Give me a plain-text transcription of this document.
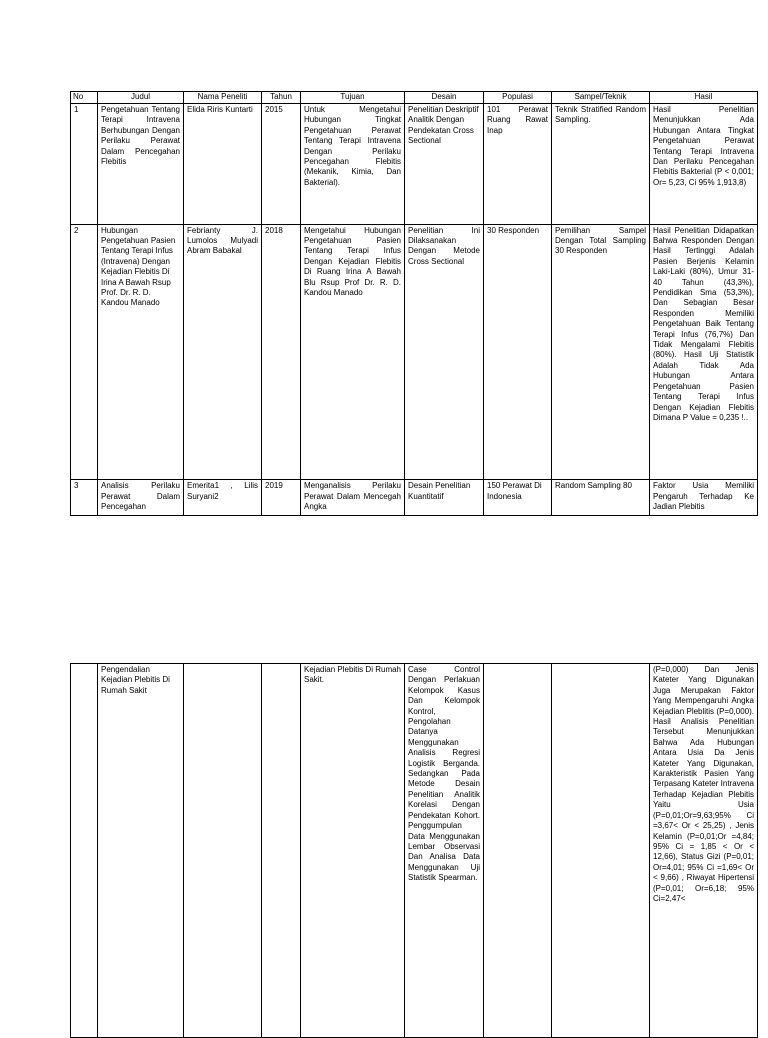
No	Judul	Nama Peneliti	Tahun	Tujuan	Desain	Populasi	Sampel/Teknik	Hasil
1	Pengetahuan Tentang Terapi Intravena Berhubungan Dengan Perilaku Perawat Dalam Pencegahan Flebitis	Elida Riris Kuntarti	2015	Untuk Mengetahui Hubungan Tingkat Pengetahuan Perawat Tentang Terapi Intravena Dengan Perilaku Pencegahan Flebitis (Mekanik, Kimia, Dan Bakterial).	Penelitian Deskriptif Analitik Dengan Pendekatan Cross Sectional	101 Perawat Ruang Rawat Inap	Teknik Stratified Random Sampling.	Hasil Penelitian Menunjukkan Ada Hubungan Antara Tingkat Pengetahuan Perawat Tentang Terapi Intravena Dan Perilaku Pencegahan Flebitis Bakterial (P < 0,001; Or= 5,23, Ci 95% 1,913,8)
2	Hubungan Pengetahuan Pasien Tentang Terapi Infus (Intravena) Dengan Kejadian Flebitis Di Irina A Bawah Rsup Prof. Dr. R. D. Kandou Manado	Febrianty J. Lumolos Mulyadi Abram Babakal	2018	Mengetahui Hubungan Pengetahuan Pasien Tentang Terapi Infus Dengan Kejadian Flebitis Di Ruang Irina A Bawah Blu Rsup Prof Dr. R. D. Kandou Manado	Penelitian Ini Dilaksanakan Dengan Metode Cross Sectional	30 Responden	Pemilihan Sampel Dengan Total Sampling 30 Responden	Hasil Penelitian Didapatkan Bahwa Responden Dengan Hasil Tertinggi Adalah Pasien Berjenis Kelamin Laki-Laki (80%), Umur 31-40 Tahun (43,3%), Pendidikan Sma (53,3%), Dan Sebagian Besar Responden Memiliki Pengetahuan Baik Tentang Terapi Infus (76,7%) Dan Tidak Mengalami Flebitis (80%). Hasil Uji Statistik Adalah Tidak Ada Hubungan Antara Pengetahuan Pasien Tentang Terapi Infus Dengan Kejadian Flebitis Dimana P Value = 0,235 !..
3	Analisis Perilaku Perawat Dalam Pencegahan	Emerita1 , Lilis Suryani2	2019	Menganalisis Perilaku Perawat Dalam Mencegah Angka	Desain Penelitian Kuantitatif	150 Perawat Di Indonesia	Random Sampling 80	Faktor Usia Memiliki Pengaruh Terhadap Ke Jadian Plebitis
	Pengendalian Kejadian Plebitis Di Rumah Sakit			Kejadian Plebitis Di Rumah Sakit.	Case Control Dengan Perlakuan Kelompok Kasus Dan Kelompok Kontrol, Pengolahan Datanya Menggunakan Analisis Regresi Logistik Berganda. Sedangkan Pada Metode Desain Penelitian Analitik Korelasi Dengan Pendekatan Kohort. Penggumpulan Data Menggunakan Lembar Observasi Dan Analisa Data Menggunakan Uji Statistik Spearman.			(P=0,000) Dan Jenis Kateter Yang Digunakan Juga Merupakan Faktor Yang Mempengaruhi Angka Kejadian Pleblitis (P=0,000). Hasil Analisis Penelitian Tersebut Menunjukkan Bahwa Ada Hubungan Antara Usia Da Jenis Kateter Yang Digunakan, Karakteristik Pasien Yang Terpasang Kateter Intravena Terhadap Kejadian Plebitis Yaitu Usia (P=0,01;Or=9,63;95% Ci =3,67< Or < 25,25) , Jenis Kelamin (P=0,01;Or =4,84; 95% Ci = 1,85 < Or < 12,66), Status Gizi (P=0,01; Or=4,01; 95% Ci =1,69< Or < 9,66) , Riwayat Hipertensi (P=0,01; Or=6,18; 95% Ci=2,47<
